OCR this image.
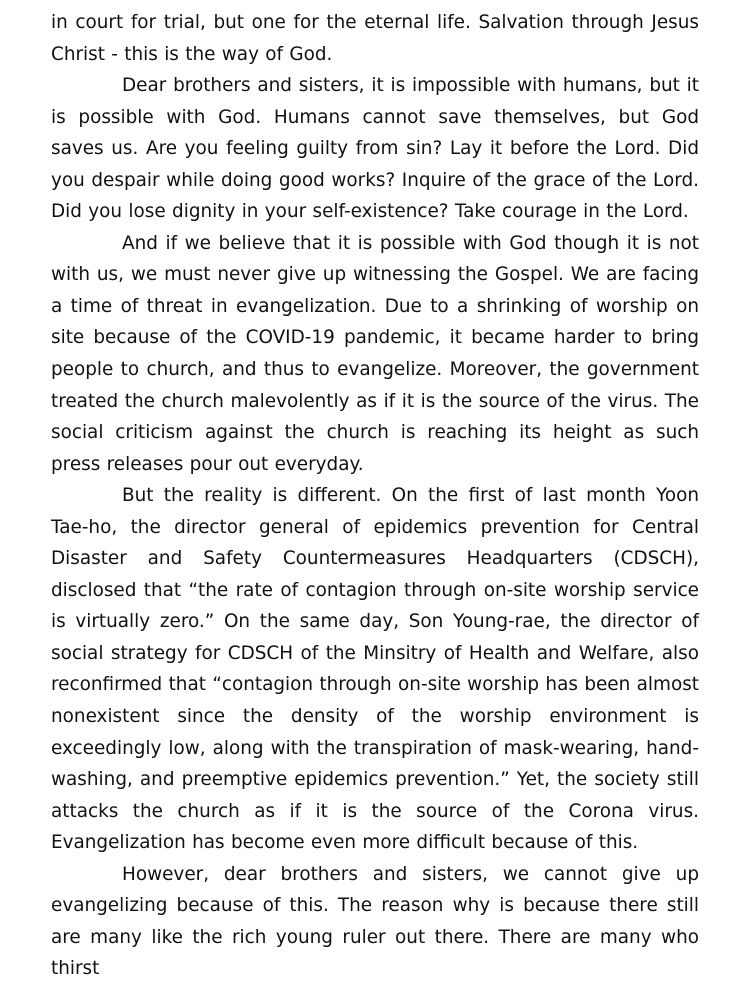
in court for trial, but one for the eternal life. Salvation through Jesus Christ - this is the way of God.

Dear brothers and sisters, it is impossible with humans, but it is possible with God. Humans cannot save themselves, but God saves us. Are you feeling guilty from sin? Lay it before the Lord. Did you despair while doing good works? Inquire of the grace of the Lord. Did you lose dignity in your self-existence? Take courage in the Lord.

And if we believe that it is possible with God though it is not with us, we must never give up witnessing the Gospel. We are facing a time of threat in evangelization. Due to a shrinking of worship on site because of the COVID-19 pandemic, it became harder to bring people to church, and thus to evangelize. Moreover, the government treated the church malevolently as if it is the source of the virus. The social criticism against the church is reaching its height as such press releases pour out everyday.

But the reality is different. On the first of last month Yoon Tae-ho, the director general of epidemics prevention for Central Disaster and Safety Countermeasures Headquarters (CDSCH), disclosed that “the rate of contagion through on-site worship service is virtually zero.” On the same day, Son Young-rae, the director of social strategy for CDSCH of the Minsitry of Health and Welfare, also reconfirmed that “contagion through on-site worship has been almost nonexistent since the density of the worship environment is exceedingly low, along with the transpiration of mask-wearing, hand-washing, and preemptive epidemics prevention.” Yet, the society still attacks the church as if it is the source of the Corona virus. Evangelization has become even more difficult because of this.

However, dear brothers and sisters, we cannot give up evangelizing because of this. The reason why is because there still are many like the rich young ruler out there. There are many who thirst
